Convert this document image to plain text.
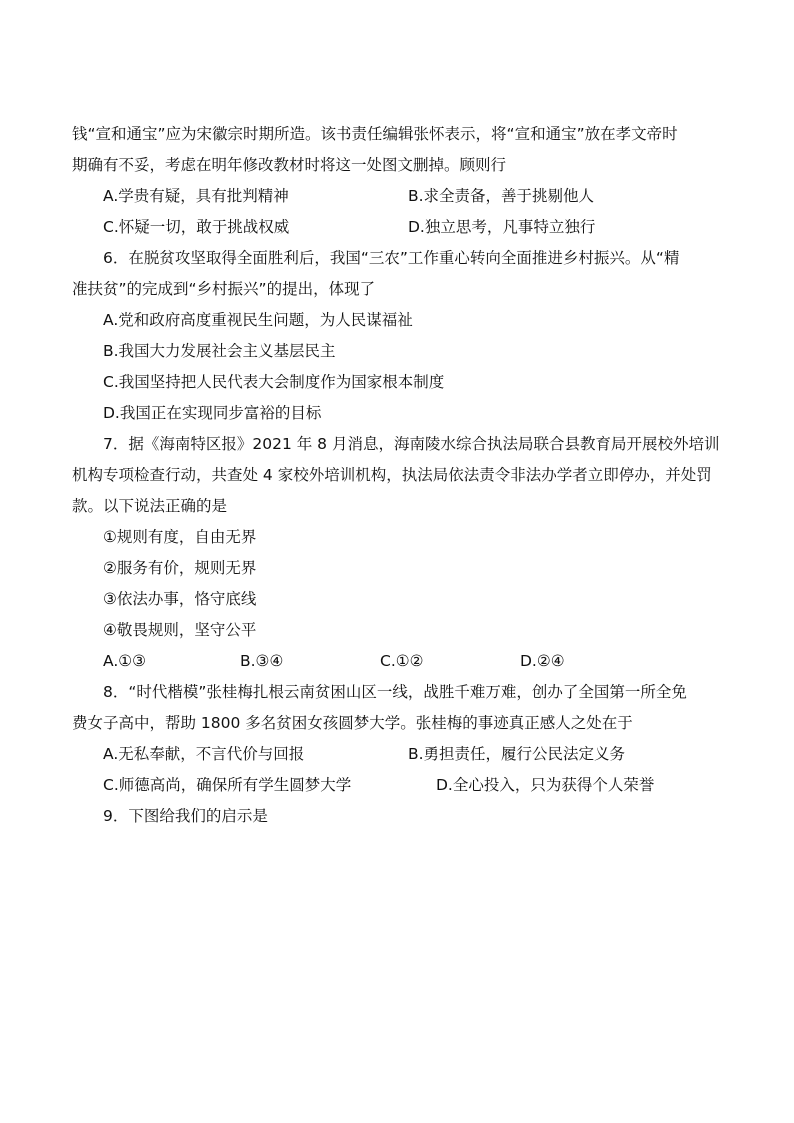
钱“宣和通宝”应为宋徽宗时期所造。该书责任编辑张怀表示，将“宣和通宝”放在孝文帝时
期确有不妥，考虑在明年修改教材时将这一处图文删掉。顾则行
A.学贵有疑，具有批判精神	B.求全责备，善于挑剔他人
C.怀疑一切，敢于挑战权威	D.独立思考，凡事特立独行
6．在脱贫攻坚取得全面胜利后，我国“三农”工作重心转向全面推进乡村振兴。从“精
准扶贫”的完成到“乡村振兴”的提出，体现了
A.党和政府高度重视民生问题，为人民谋福祉
B.我国大力发展社会主义基层民主
C.我国坚持把人民代表大会制度作为国家根本制度
D.我国正在实现同步富裕的目标
7．据《海南特区报》2021 年 8 月消息，海南陵水综合执法局联合县教育局开展校外培训
机构专项检查行动，共查处 4 家校外培训机构，执法局依法责令非法办学者立即停办，并处罚
款。以下说法正确的是
①规则有度，自由无界
②服务有价，规则无界
③依法办事，恪守底线
④敬畏规则，坚守公平
A.①③	B.③④	C.①②	D.②④
8．“时代楷模”张桂梅扎根云南贫困山区一线，战胜千难万难，创办了全国第一所全免
费女子高中，帮助 1800 多名贫困女孩圆梦大学。张桂梅的事迹真正感人之处在于
A.无私奉献，不言代价与回报	B.勇担责任，履行公民法定义务
C.师德高尚，确保所有学生圆梦大学	D.全心投入，只为获得个人荣誉
9．下图给我们的启示是
